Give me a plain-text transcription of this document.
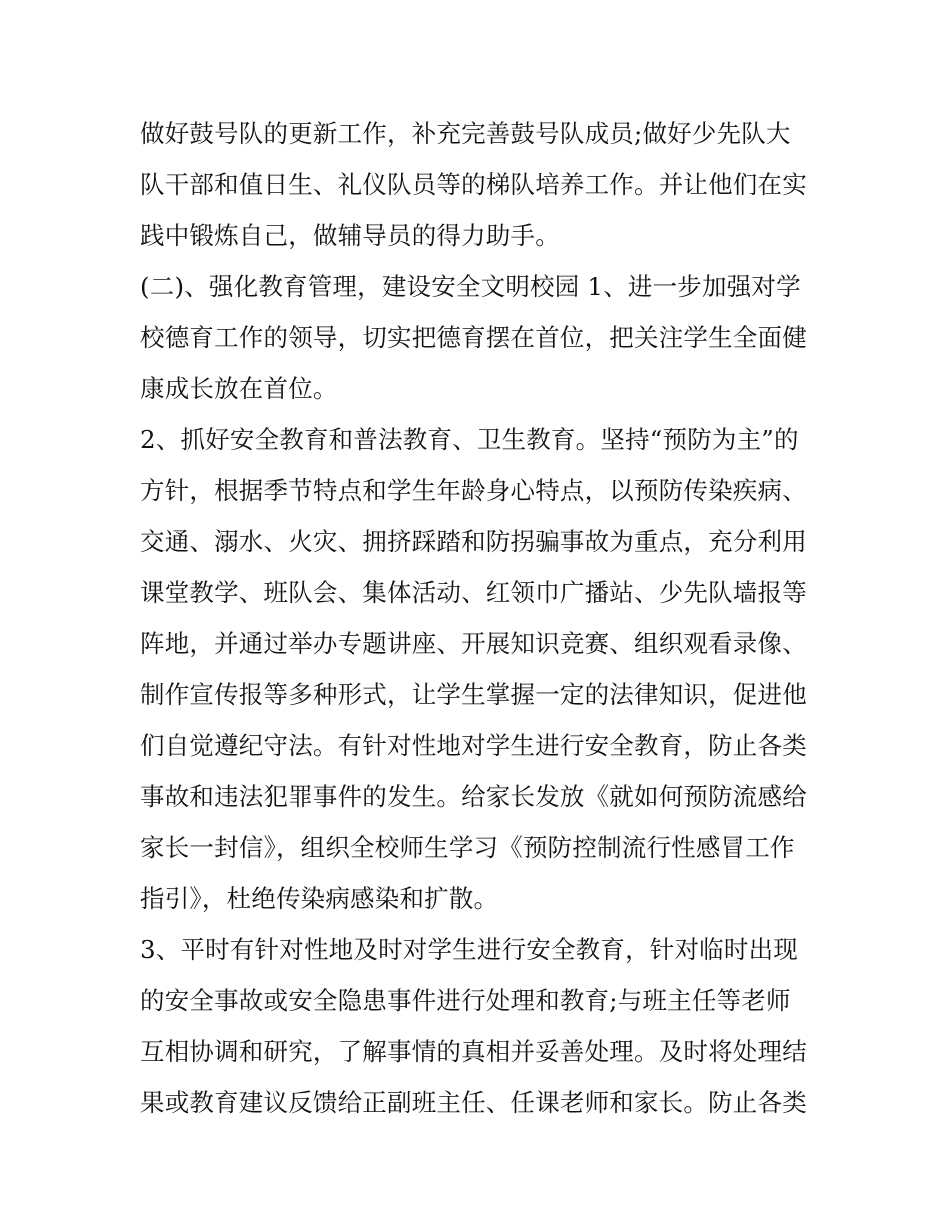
做好鼓号队的更新工作，补充完善鼓号队成员;做好少先队大
队干部和值日生、礼仪队员等的梯队培养工作。并让他们在实
践中锻炼自己，做辅导员的得力助手。
(二)、强化教育管理，建设安全文明校园 1、进一步加强对学
校德育工作的领导，切实把德育摆在首位，把关注学生全面健
康成长放在首位。
2、抓好安全教育和普法教育、卫生教育。坚持“预防为主”的
方针，根据季节特点和学生年龄身心特点，以预防传染疾病、
交通、溺水、火灾、拥挤踩踏和防拐骗事故为重点，充分利用
课堂教学、班队会、集体活动、红领巾广播站、少先队墙报等
阵地，并通过举办专题讲座、开展知识竞赛、组织观看录像、
制作宣传报等多种形式，让学生掌握一定的法律知识，促进他
们自觉遵纪守法。有针对性地对学生进行安全教育，防止各类
事故和违法犯罪事件的发生。给家长发放《就如何预防流感给
家长一封信》，组织全校师生学习《预防控制流行性感冒工作
指引》，杜绝传染病感染和扩散。
3、平时有针对性地及时对学生进行安全教育，针对临时出现
的安全事故或安全隐患事件进行处理和教育;与班主任等老师
互相协调和研究，了解事情的真相并妥善处理。及时将处理结
果或教育建议反馈给正副班主任、任课老师和家长。防止各类
